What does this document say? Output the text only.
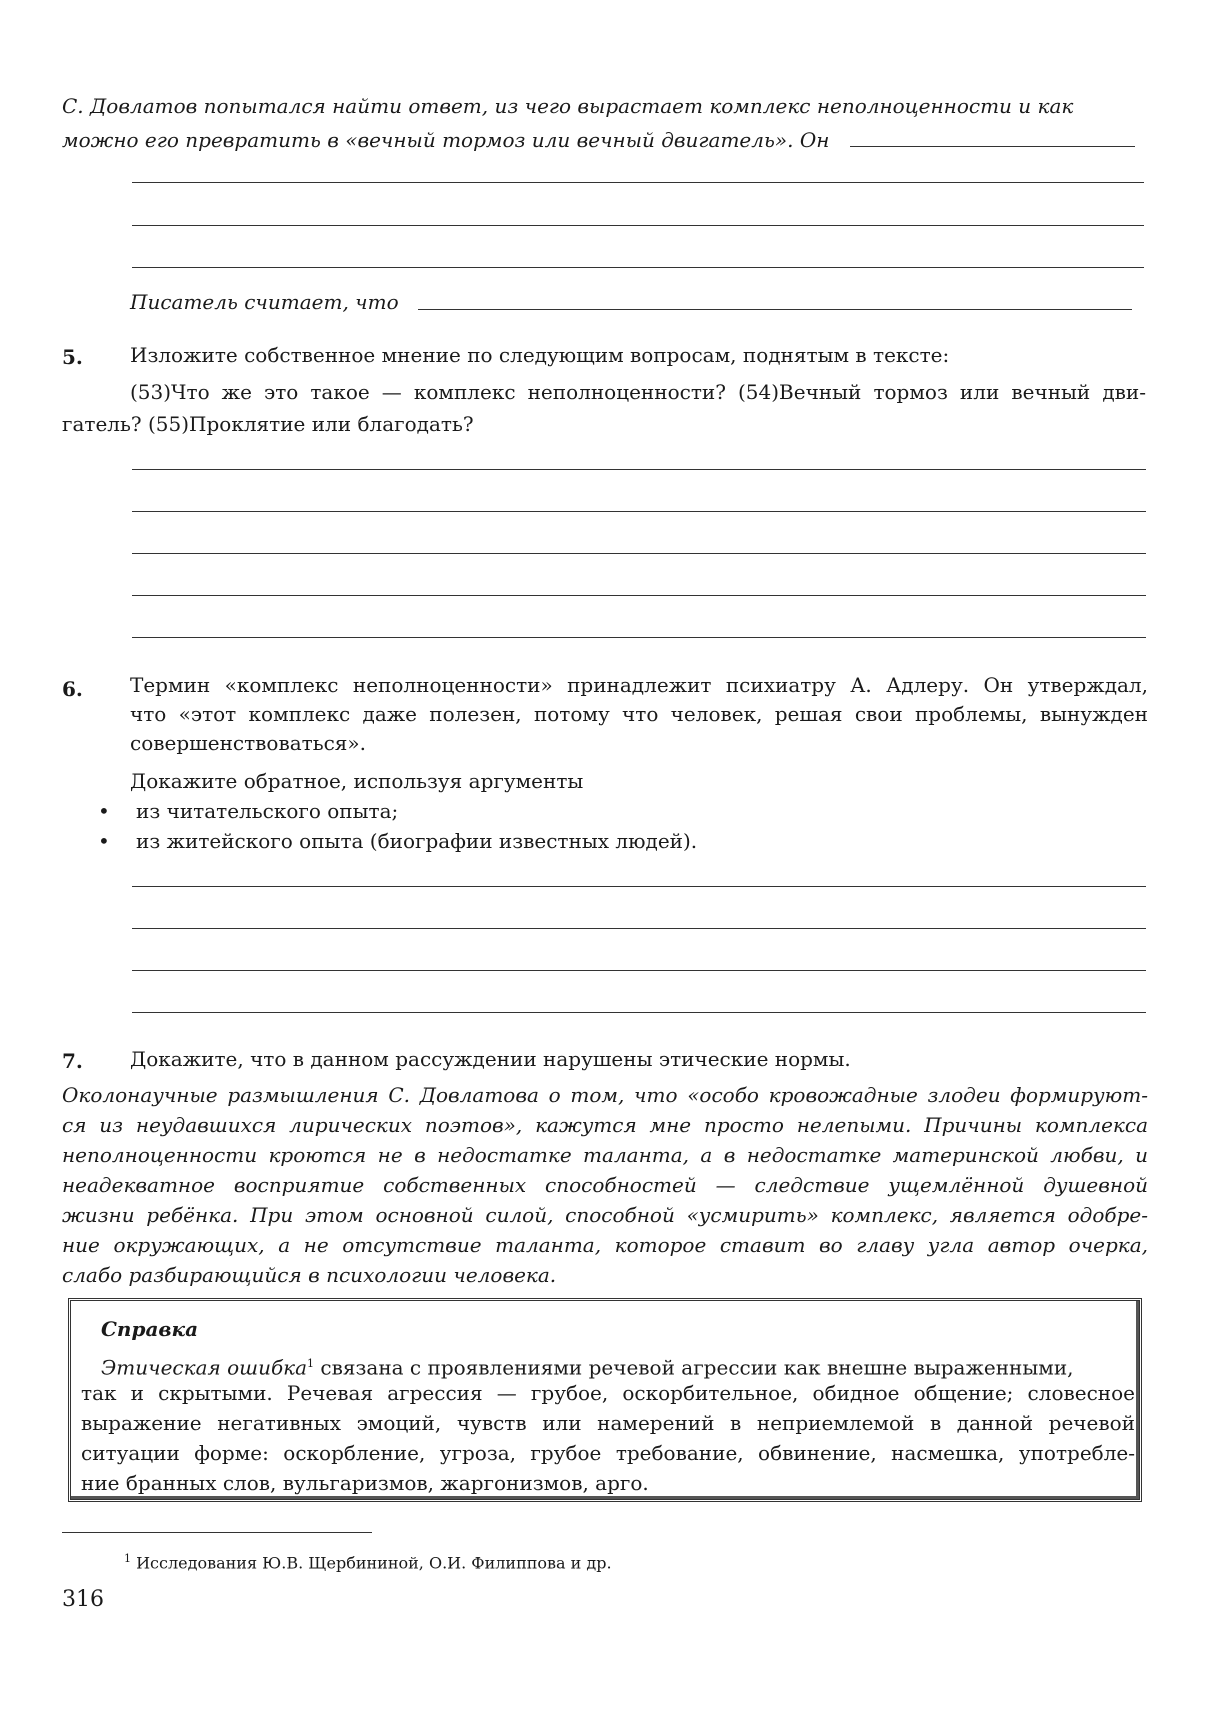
С. Довлатов попытался найти ответ, из чего вырастает комплекс неполноценности и как
можно его превратить в «вечный тормоз или вечный двигатель». Он
Писатель считает, что
5. Изложите собственное мнение по следующим вопросам, поднятым в тексте:
(53)Что же это такое — комплекс неполноценности? (54)Вечный тормоз или вечный дви-
гатель? (55)Проклятие или благодать?
6. Термин «комплекс неполноценности» принадлежит психиатру А. Адлеру. Он утверждал,
что «этот комплекс даже полезен, потому что человек, решая свои проблемы, вынужден
совершенствоваться».
Докажите обратное, используя аргументы
• из читательского опыта;
• из житейского опыта (биографии известных людей).
7. Докажите, что в данном рассуждении нарушены этические нормы.
Околонаучные размышления С. Довлатова о том, что «особо кровожадные злодеи формируют-
ся из неудавшихся лирических поэтов», кажутся мне просто нелепыми. Причины комплекса
неполноценности кроются не в недостатке таланта, а в недостатке материнской любви, и
неадекватное восприятие собственных способностей — следствие ущемлённой душевной
жизни ребёнка. При этом основной силой, способной «усмирить» комплекс, является одобре-
ние окружающих, а не отсутствие таланта, которое ставит во главу угла автор очерка,
слабо разбирающийся в психологии человека.
Справка
Этическая ошибка$^1$ связана с проявлениями речевой агрессии как внешне выраженными,
так и скрытыми. Речевая агрессия — грубое, оскорбительное, обидное общение; словесное
выражение негативных эмоций, чувств или намерений в неприемлемой в данной речевой
ситуации форме: оскорбление, угроза, грубое требование, обвинение, насмешка, употребле-
ние бранных слов, вульгаризмов, жаргонизмов, арго.
$^1$ Исследования Ю.В. Щербининой, О.И. Филиппова и др.
316
